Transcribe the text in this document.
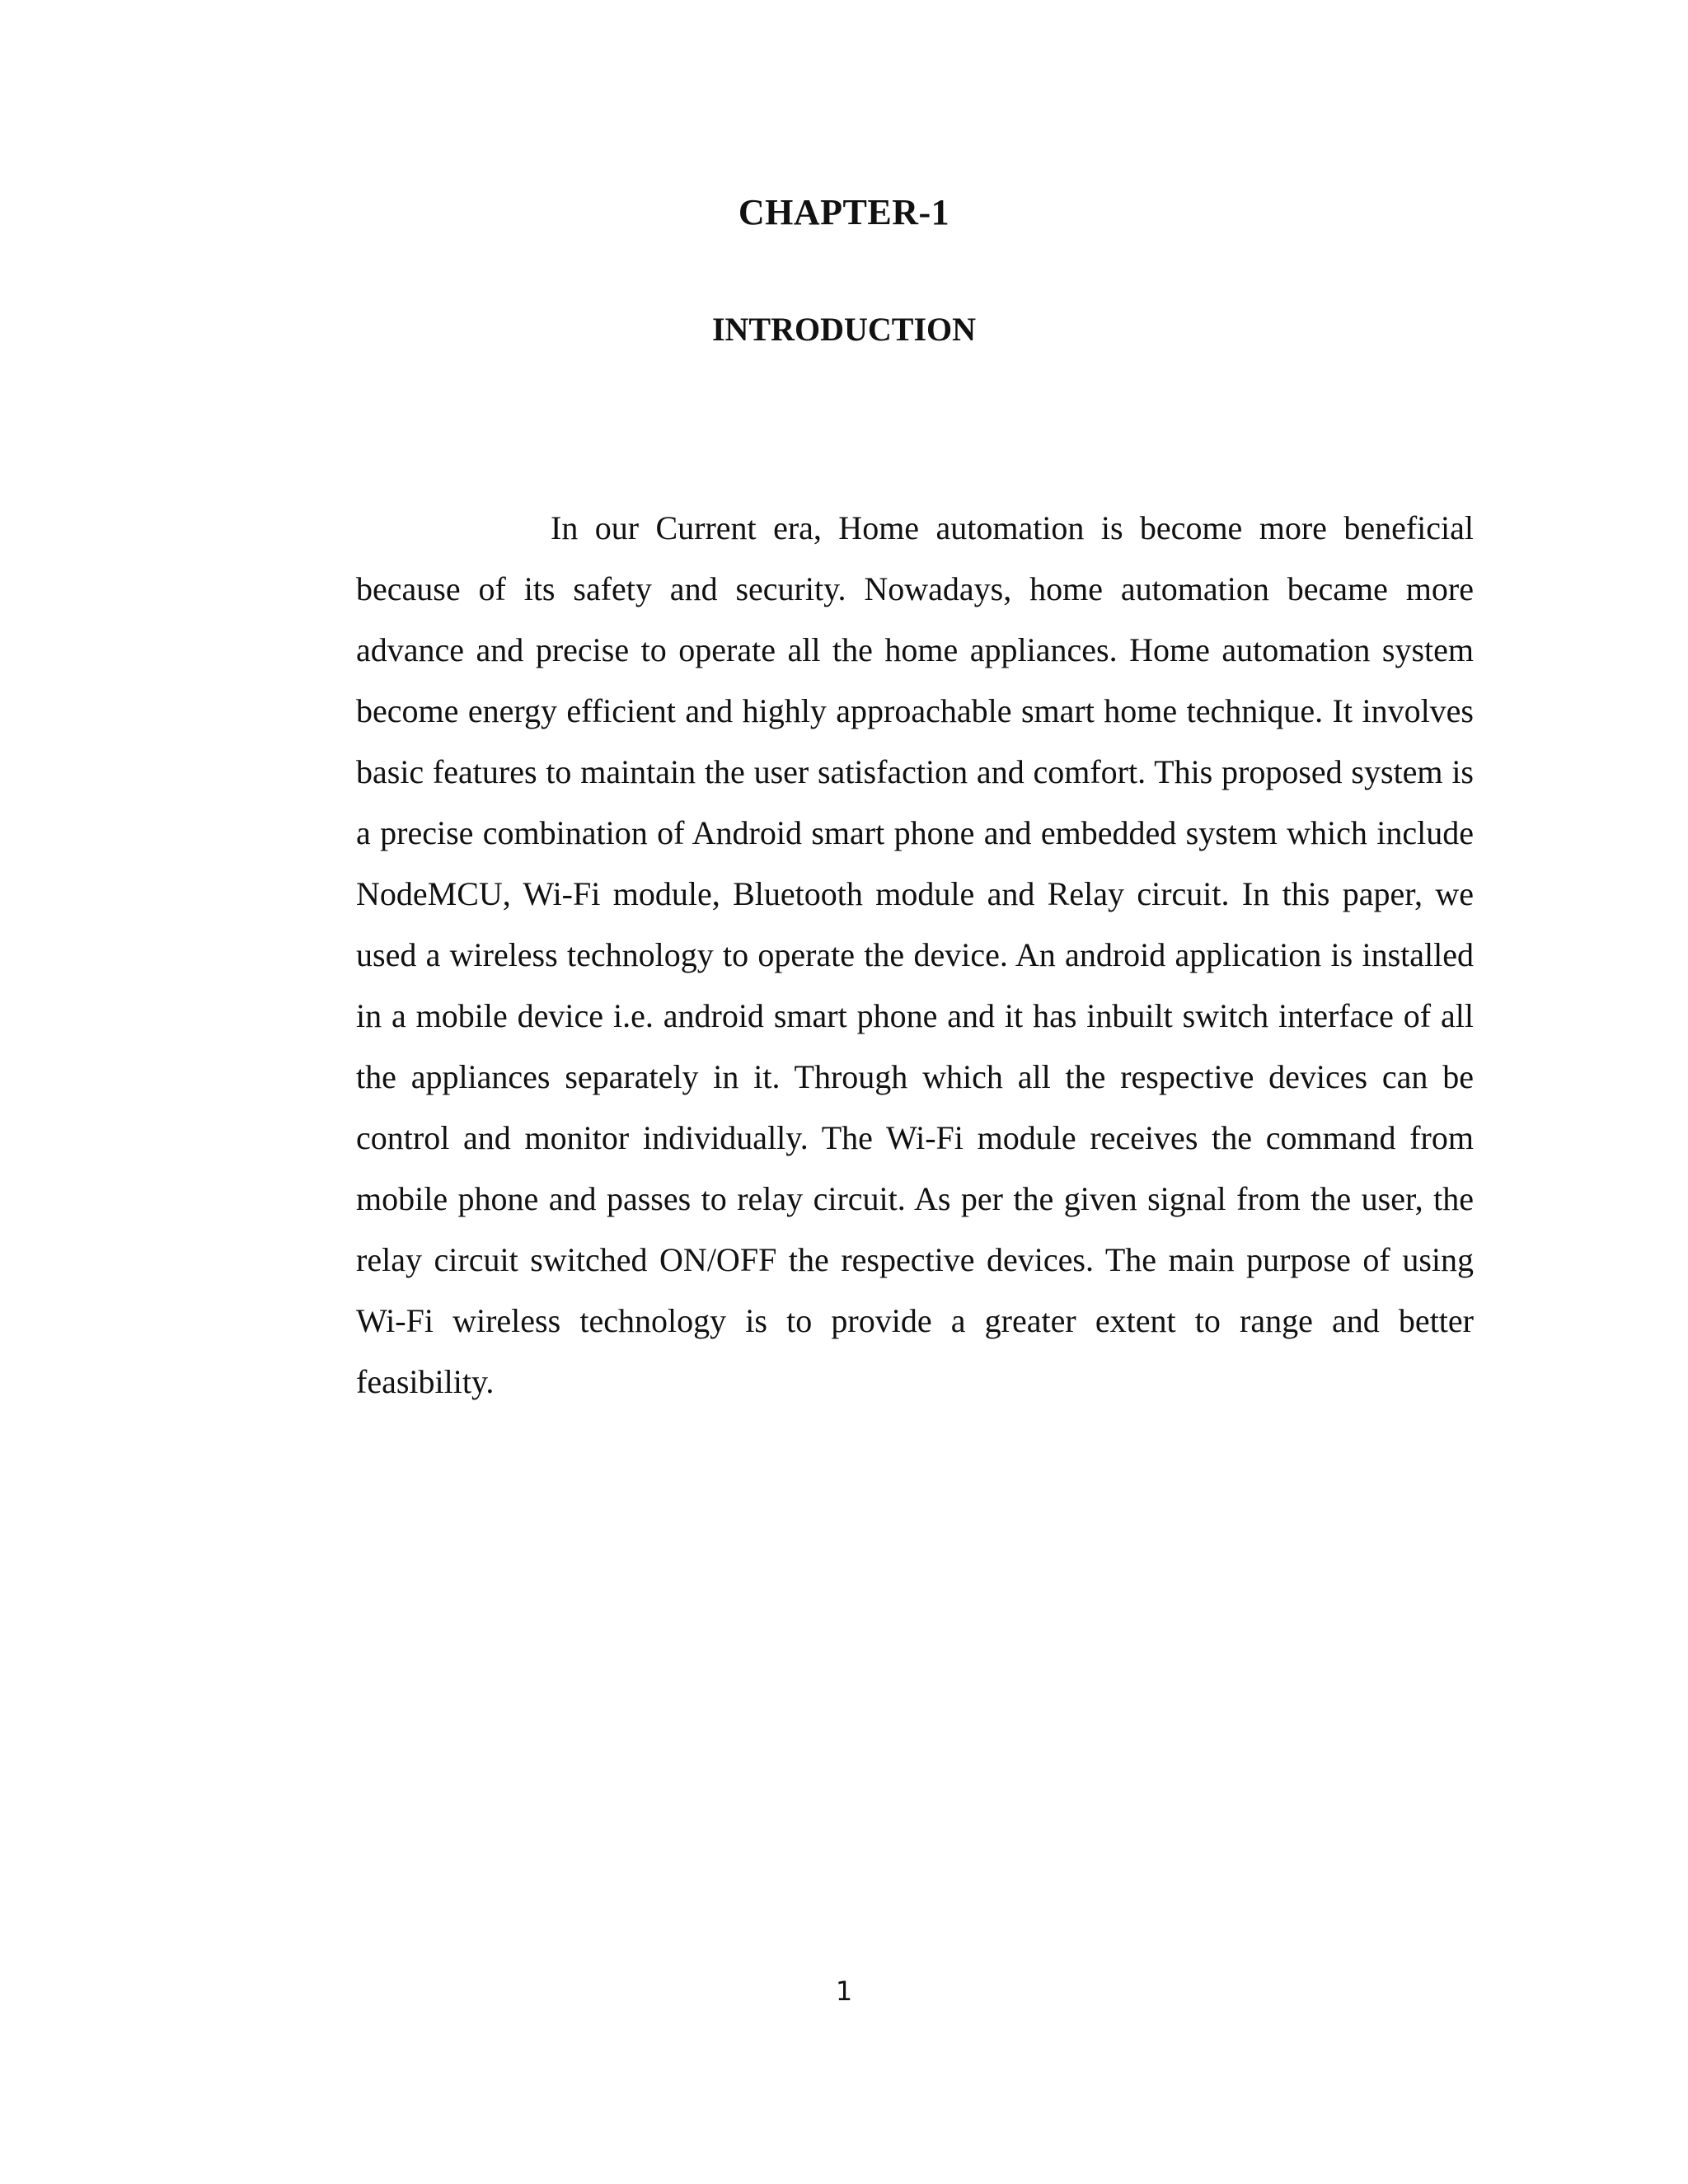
CHAPTER-1
INTRODUCTION

In our Current era, Home automation is become more beneficial because of its safety and security. Nowadays, home automation became more advance and precise to operate all the home appliances. Home automation system become energy efficient and highly approachable smart home technique. It involves basic features to maintain the user satisfaction and comfort. This proposed system is a precise combination of Android smart phone and embedded system which include NodeMCU, Wi-Fi module, Bluetooth module and Relay circuit. In this paper, we used a wireless technology to operate the device. An android application is installed in a mobile device i.e. android smart phone and it has inbuilt switch interface of all the appliances separately in it. Through which all the respective devices can be control and monitor individually. The Wi-Fi module receives the command from mobile phone and passes to relay circuit. As per the given signal from the user, the relay circuit switched ON/OFF the respective devices. The main purpose of using Wi-Fi wireless technology is to provide a greater extent to range and better feasibility.

1
